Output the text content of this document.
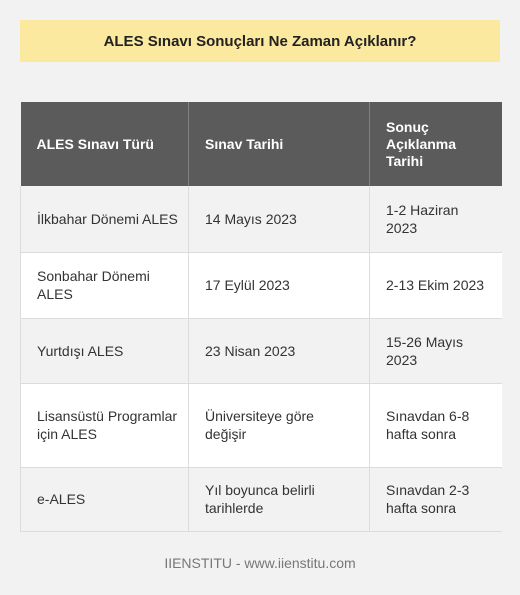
ALES Sınavı Sonuçları Ne Zaman Açıklanır?
ALES Sınavı Türü	Sınav Tarihi	Sonuç Açıklanma Tarihi
İlkbahar Dönemi ALES	14 Mayıs 2023	1-2 Haziran 2023
Sonbahar Dönemi ALES	17 Eylül 2023	2-13 Ekim 2023
Yurtdışı ALES	23 Nisan 2023	15-26 Mayıs 2023
Lisansüstü Programlar için ALES	Üniversiteye göre değişir	Sınavdan 6-8 hafta sonra
e-ALES	Yıl boyunca belirli tarihlerde	Sınavdan 2-3 hafta sonra
IIENSTITU - www.iienstitu.com
